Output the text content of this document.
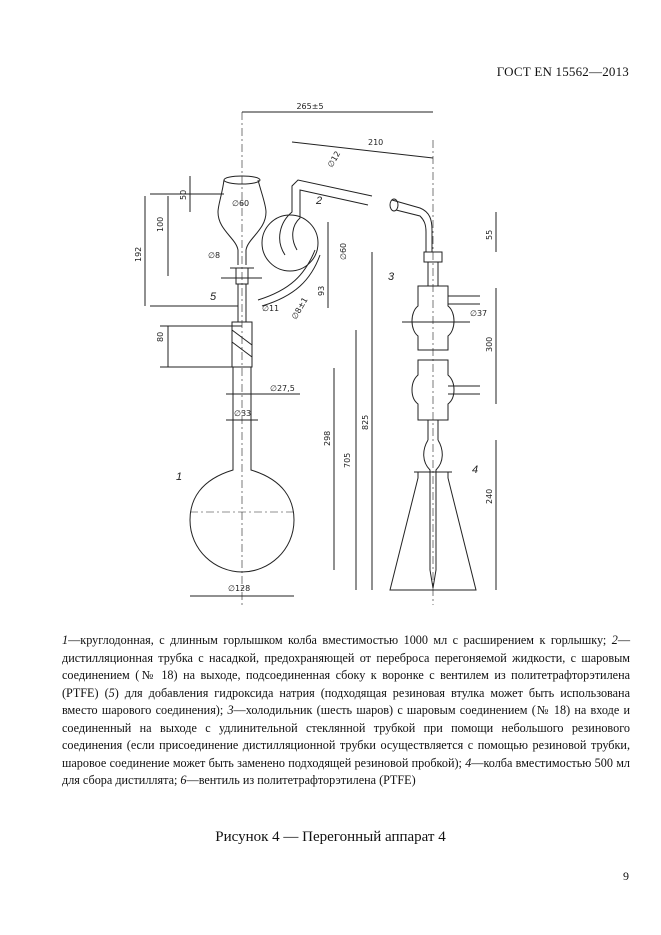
ГОСТ EN 15562—2013
265±5
210
∅12
50
∅60
100
192	∅8	∅60
55
93
∅8±1
∅11
80
∅37
300
∅27,5
∅33
825
298
705
240
∅128
1
2
3
4
5

1—круглодонная, с длинным горлышком колба вместимостью 1000 мл с расширением к горлышку; 2—дистилляционная трубка с насадкой, предохраняющей от переброса перегоняемой жидкости, с шаровым соединением (№ 18) на выходе, подсоединенная сбоку к воронке с вентилем из политетрафторэтилена (PTFE) (5) для добавления гидроксида натрия (подходящая резиновая втулка может быть использована вместо шарового соединения); 3—холодильник (шесть шаров) с шаровым соединением (№ 18) на входе и соединенный на выходе с удлинительной стеклянной трубкой при помощи небольшого резинового соединения (если присоединение дистилляционной трубки осуществляется с помощью резиновой трубки, шаровое соединение может быть заменено подходящей резиновой пробкой); 4—колба вместимостью 500 мл для сбора дистиллята; 6—вентиль из политетрафторэтилена (PTFE)

Рисунок 4 — Перегонный аппарат 4
9
